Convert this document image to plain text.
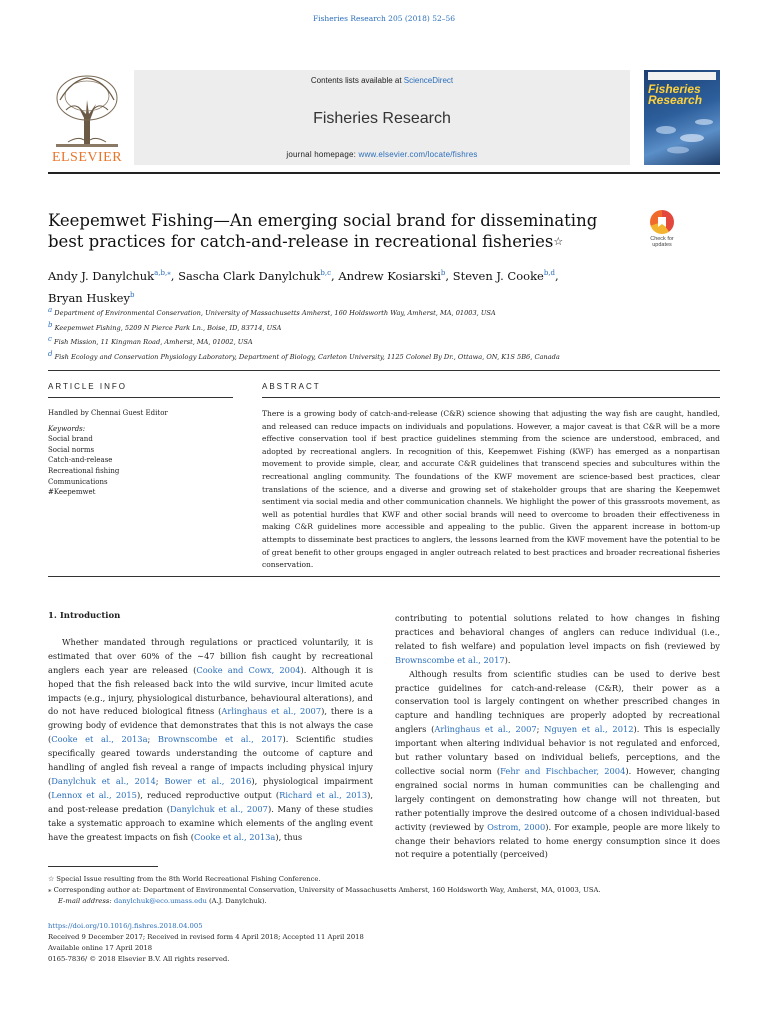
Fisheries Research 205 (2018) 52–56
ELSEVIER
Contents lists available at ScienceDirect
Fisheries Research
journal homepage: www.elsevier.com/locate/fishres
Fisheries Research
Keepemwet Fishing—An emerging social brand for disseminating best practices for catch-and-release in recreational fisheries☆	Check for updates
Andy J. Danylchuk$^{a,b,⁎}$, Sascha Clark Danylchuk$^{b,c}$, Andrew Kosiarski$^b$, Steven J. Cooke$^{b,d}$,
Bryan Huskey$^b$
$^a$ Department of Environmental Conservation, University of Massachusetts Amherst, 160 Holdsworth Way, Amherst, MA, 01003, USA
$^b$ Keepemwet Fishing, 5209 N Pierce Park Ln., Boise, ID, 83714, USA
$^c$ Fish Mission, 11 Kingman Road, Amherst, MA, 01002, USA
$^d$ Fish Ecology and Conservation Physiology Laboratory, Department of Biology, Carleton University, 1125 Colonel By Dr., Ottawa, ON, K1S 5B6, Canada
ARTICLE INFO	ABSTRACT
Handled by Chennai Guest Editor
Keywords:
Social brand
Social norms
Catch-and-release
Recreational fishing
Communications
#Keepemwet
There is a growing body of catch-and-release (C&R) science showing that adjusting the way fish are caught, handled, and released can reduce impacts on individuals and populations. However, a major caveat is that C&R will be a more effective conservation tool if best practice guidelines stemming from the science are understood, embraced, and adopted by recreational anglers. In recognition of this, Keepemwet Fishing (KWF) has emerged as a nonpartisan movement to provide simple, clear, and accurate C&R guidelines that transcend species and subcultures within the recreational angling community. The foundations of the KWF movement are science-based best practices, clear translations of the science, and a diverse and growing set of stakeholder groups that are sharing the Keepemwet sentiment via social media and other communication channels. We highlight the power of this grassroots movement, as well as potential hurdles that KWF and other social brands will need to overcome to broaden their effectiveness in making C&R guidelines more accessible and appealing to the public. Given the apparent increase in bottom-up attempts to disseminate best practices to anglers, the lessons learned from the KWF movement have the potential to be of great benefit to other groups engaged in angler outreach related to best practices and broader recreational fisheries conservation.
1. Introduction

Whether mandated through regulations or practiced voluntarily, it is estimated that over 60% of the ∼47 billion fish caught by recreational anglers each year are released (Cooke and Cowx, 2004). Although it is hoped that the fish released back into the wild survive, incur limited acute impacts (e.g., injury, physiological disturbance, behavioural alterations), and do not have reduced biological fitness (Arlinghaus et al., 2007), there is a growing body of evidence that demonstrates that this is not always the case (Cooke et al., 2013a; Brownscombe et al., 2017). Scientific studies specifically geared towards understanding the outcome of capture and handling of angled fish reveal a range of impacts including physical injury (Danylchuk et al., 2014; Bower et al., 2016), physiological impairment (Lennox et al., 2015), reduced reproductive output (Richard et al., 2013), and post-release predation (Danylchuk et al., 2007). Many of these studies take a systematic approach to examine which elements of the angling event have the greatest impacts on fish (Cooke et al., 2013a), thus

contributing to potential solutions related to how changes in fishing practices and behavioral changes of anglers can reduce individual (i.e., related to fish welfare) and population level impacts on fish (reviewed by Brownscombe et al., 2017).

Although results from scientific studies can be used to derive best practice guidelines for catch-and-release (C&R), their power as a conservation tool is largely contingent on whether prescribed changes in capture and handling techniques are properly adopted by recreational anglers (Arlinghaus et al., 2007; Nguyen et al., 2012). This is especially important when altering individual behavior is not regulated and enforced, but rather voluntary based on individual beliefs, perceptions, and the collective social norm (Fehr and Fischbacher, 2004). However, changing engrained social norms in human communities can be challenging and largely contingent on demonstrating how change will not threaten, but rather potentially improve the desired outcome of a chosen individual-based activity (reviewed by Ostrom, 2000). For example, people are more likely to change their behaviors related to home energy consumption since it does not require a potentially (perceived)

☆ Special Issue resulting from the 8th World Recreational Fishing Conference.
⁎ Corresponding author at: Department of Environmental Conservation, University of Massachusetts Amherst, 160 Holdsworth Way, Amherst, MA, 01003, USA.
E-mail address: danylchuk@eco.umass.edu (A.J. Danylchuk).
https://doi.org/10.1016/j.fishres.2018.04.005
Received 9 December 2017; Received in revised form 4 April 2018; Accepted 11 April 2018
Available online 17 April 2018
0165-7836/ © 2018 Elsevier B.V. All rights reserved.
